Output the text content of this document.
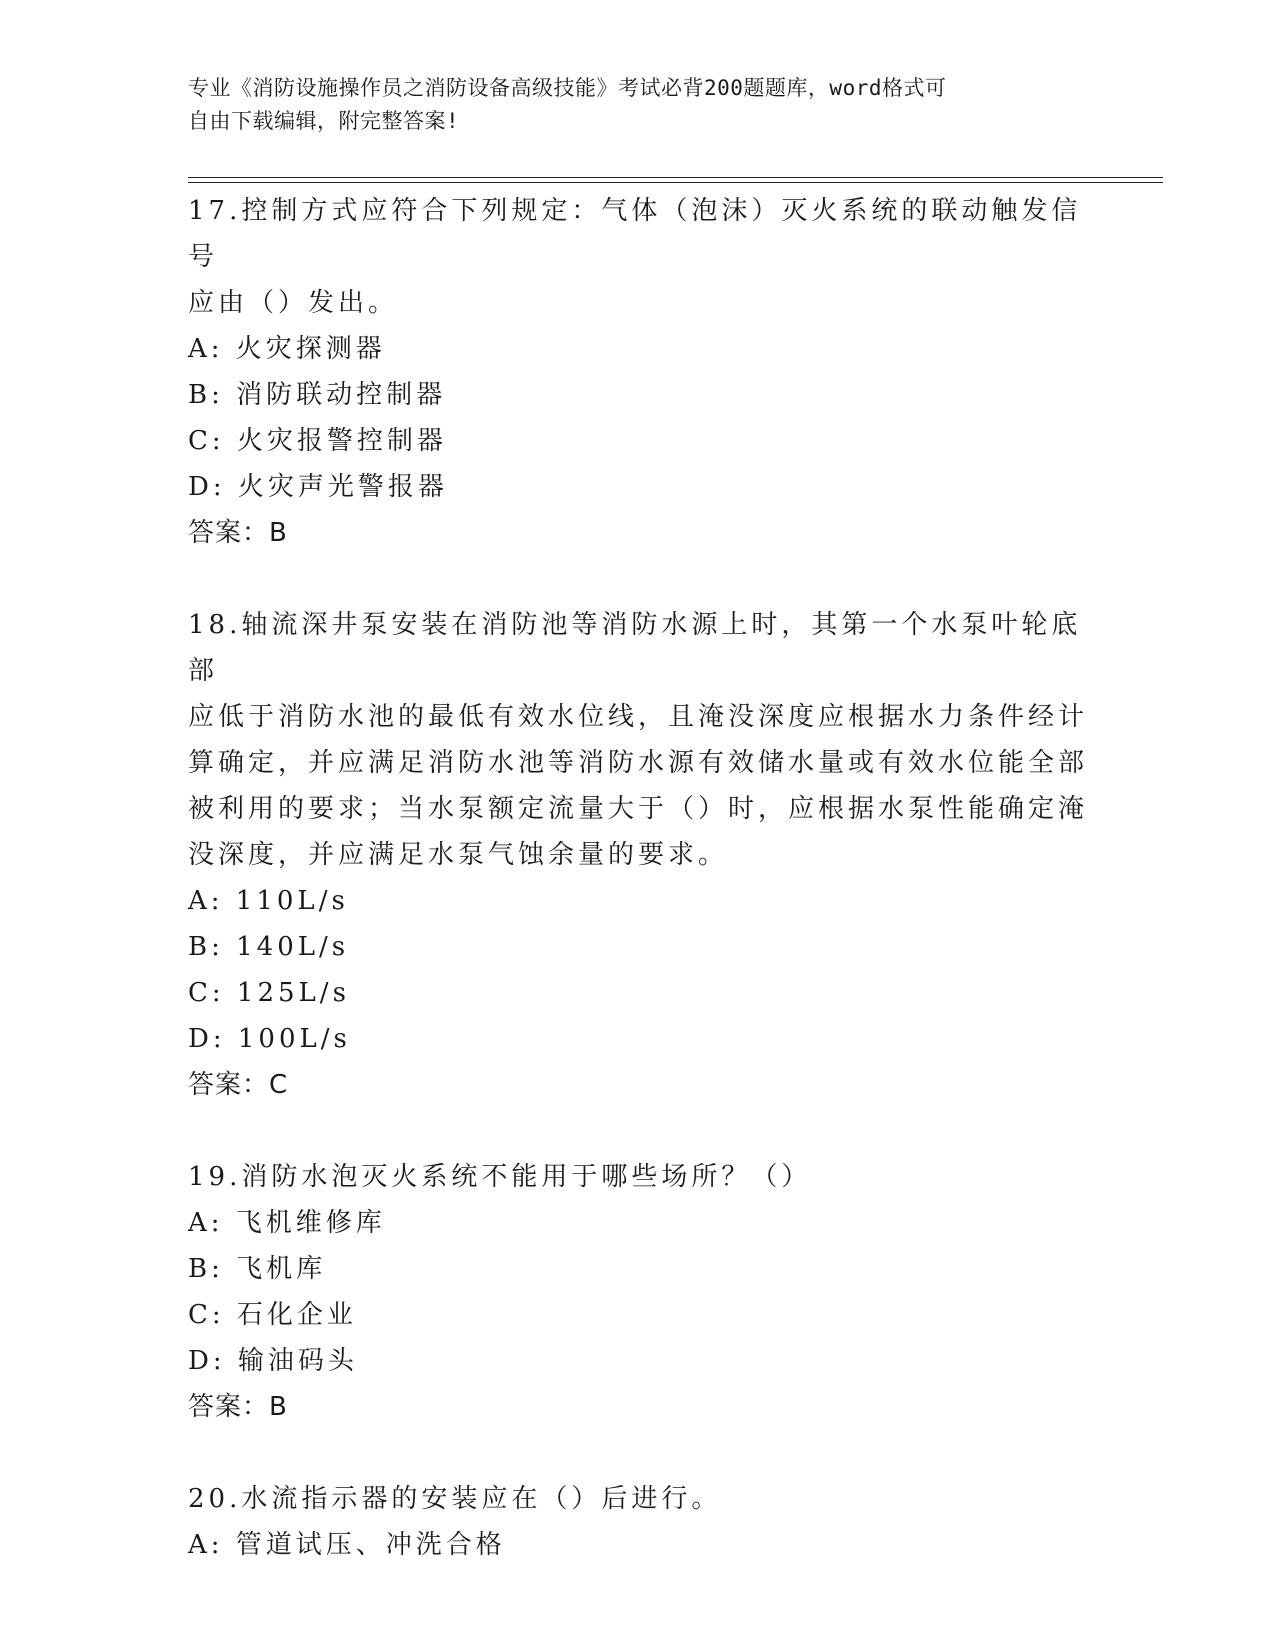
专业《消防设施操作员之消防设备高级技能》考试必背200题题库，word格式可
自由下载编辑，附完整答案!
17.控制方式应符合下列规定：气体（泡沫）灭火系统的联动触发信号
应由（）发出。
A: 火灾探测器
B: 消防联动控制器
C: 火灾报警控制器
D: 火灾声光警报器
答案：B
18.轴流深井泵安装在消防池等消防水源上时，其第一个水泵叶轮底部
应低于消防水池的最低有效水位线，且淹没深度应根据水力条件经计
算确定，并应满足消防水池等消防水源有效储水量或有效水位能全部
被利用的要求；当水泵额定流量大于（）时，应根据水泵性能确定淹
没深度，并应满足水泵气蚀余量的要求。
A: 110L/s
B: 140L/s
C: 125L/s
D: 100L/s
答案：C
19.消防水泡灭火系统不能用于哪些场所？（）
A: 飞机维修库
B: 飞机库
C: 石化企业
D: 输油码头
答案：B
20.水流指示器的安装应在（）后进行。
A: 管道试压、冲洗合格
